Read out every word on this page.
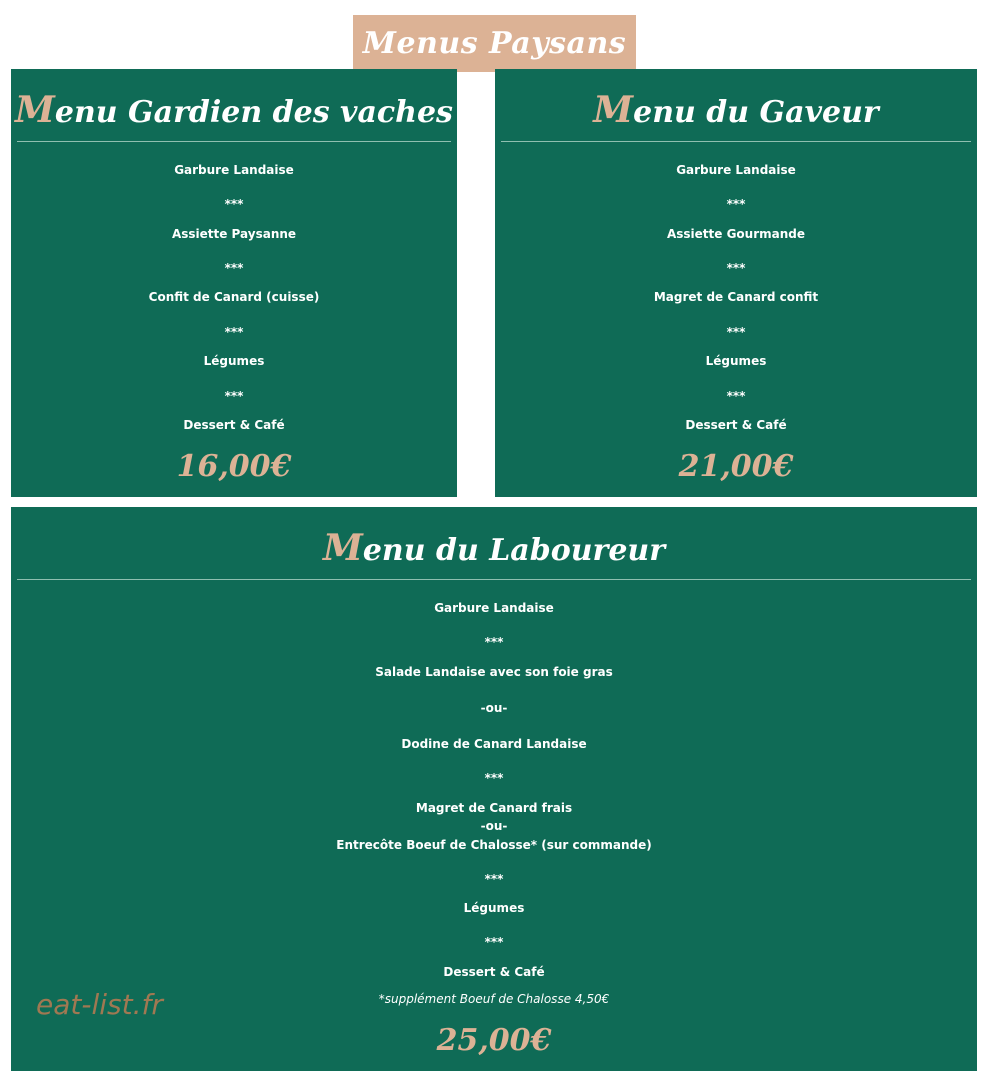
Menus Paysans
Menu Gardien des vaches
Garbure Landaise
***
Assiette Paysanne
***
Confit de Canard (cuisse)
***
Légumes
***
Dessert & Café
16,00€
Menu du Gaveur
Garbure Landaise
***
Assiette Gourmande
***
Magret de Canard confit
***
Légumes
***
Dessert & Café
21,00€
Menu du Laboureur
Garbure Landaise
***
Salade Landaise avec son foie gras
-ou-
Dodine de Canard Landaise
***
Magret de Canard frais
-ou-
Entrecôte Boeuf de Chalosse* (sur commande)
***
Légumes
***
Dessert & Café
*supplément Boeuf de Chalosse 4,50€
25,00€
eat-list.fr
